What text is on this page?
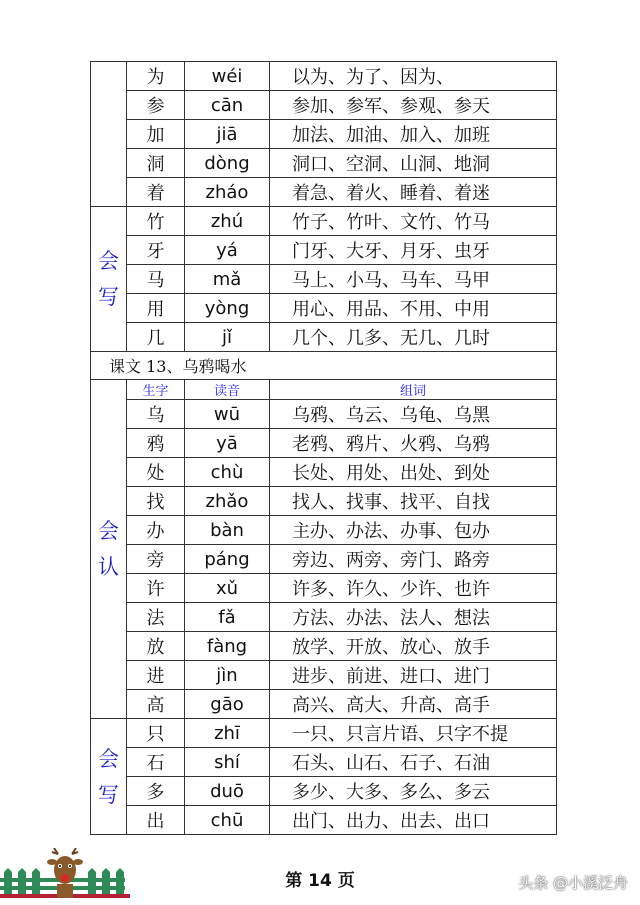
	为	wéi	以为、为了、因为、
	参	cān	参加、参军、参观、参天
	加	jiā	加法、加油、加入、加班
	洞	dòng	洞口、空洞、山洞、地洞
	着	zháo	着急、着火、睡着、着迷

会
写	竹	zhú	竹子、竹叶、文竹、竹马
	牙	yá	门牙、大牙、月牙、虫牙
	马	mǎ	马上、小马、马车、马甲
	用	yòng	用心、用品、不用、中用
	几	jǐ	几个、几多、无几、几时
课文 13、乌鸦喝水			

会
认	生字	读音	组词
	乌	wū	乌鸦、乌云、乌龟、乌黑
	鸦	yā	老鸦、鸦片、火鸦、乌鸦
	处	chù	长处、用处、出处、到处
	找	zhǎo	找人、找事、找平、自找
	办	bàn	主办、办法、办事、包办
	旁	páng	旁边、两旁、旁门、路旁
	许	xǔ	许多、许久、少许、也许
	法	fǎ	方法、办法、法人、想法
	放	fàng	放学、开放、放心、放手
	进	jìn	进步、前进、进口、进门
	高	gāo	高兴、高大、升高、高手

会
写	只	zhī	一只、只言片语、只字不提
	石	shí	石头、山石、石子、石油
	多	duō	多少、大多、多么、多云
	出	chū	出门、出力、出去、出口
第 14 页	头条 @小溪泛舟
